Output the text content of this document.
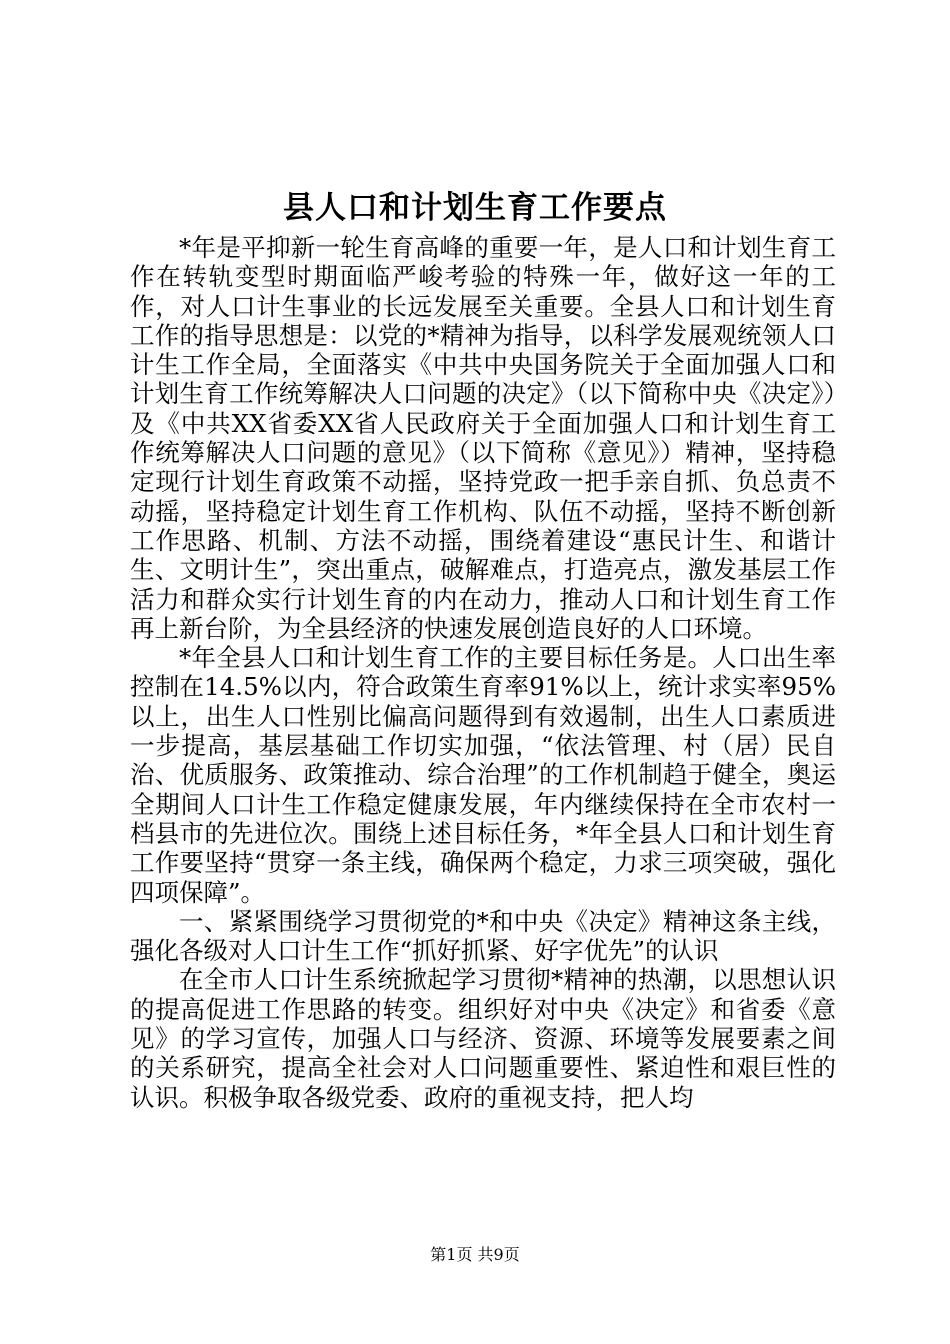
县人口和计划生育工作要点

*年是平抑新一轮生育高峰的重要一年，是人口和计划生育工作在转轨变型时期面临严峻考验的特殊一年，做好这一年的工作，对人口计生事业的长远发展至关重要。全县人口和计划生育工作的指导思想是：以党的*精神为指导，以科学发展观统领人口计生工作全局，全面落实《中共中央国务院关于全面加强人口和计划生育工作统筹解决人口问题的决定》（以下简称中央《决定》）及《中共XX省委XX省人民政府关于全面加强人口和计划生育工作统筹解决人口问题的意见》（以下简称《意见》）精神，坚持稳定现行计划生育政策不动摇，坚持党政一把手亲自抓、负总责不动摇，坚持稳定计划生育工作机构、队伍不动摇，坚持不断创新工作思路、机制、方法不动摇，围绕着建设“惠民计生、和谐计生、文明计生”，突出重点，破解难点，打造亮点，激发基层工作活力和群众实行计划生育的内在动力，推动人口和计划生育工作再上新台阶，为全县经济的快速发展创造良好的人口环境。

*年全县人口和计划生育工作的主要目标任务是。人口出生率控制在14.5%以内，符合政策生育率91%以上，统计求实率95%以上，出生人口性别比偏高问题得到有效遏制，出生人口素质进一步提高，基层基础工作切实加强，“依法管理、村（居）民自治、优质服务、政策推动、综合治理”的工作机制趋于健全，奥运全期间人口计生工作稳定健康发展，年内继续保持在全市农村一档县市的先进位次。围绕上述目标任务，*年全县人口和计划生育工作要坚持“贯穿一条主线，确保两个稳定，力求三项突破，强化四项保障”。

一、紧紧围绕学习贯彻党的*和中央《决定》精神这条主线，强化各级对人口计生工作“抓好抓紧、好字优先”的认识

在全市人口计生系统掀起学习贯彻*精神的热潮，以思想认识的提高促进工作思路的转变。组织好对中央《决定》和省委《意见》的学习宣传，加强人口与经济、资源、环境等发展要素之间的关系研究，提高全社会对人口问题重要性、紧迫性和艰巨性的认识。积极争取各级党委、政府的重视支持，把人均

第1页 共9页
